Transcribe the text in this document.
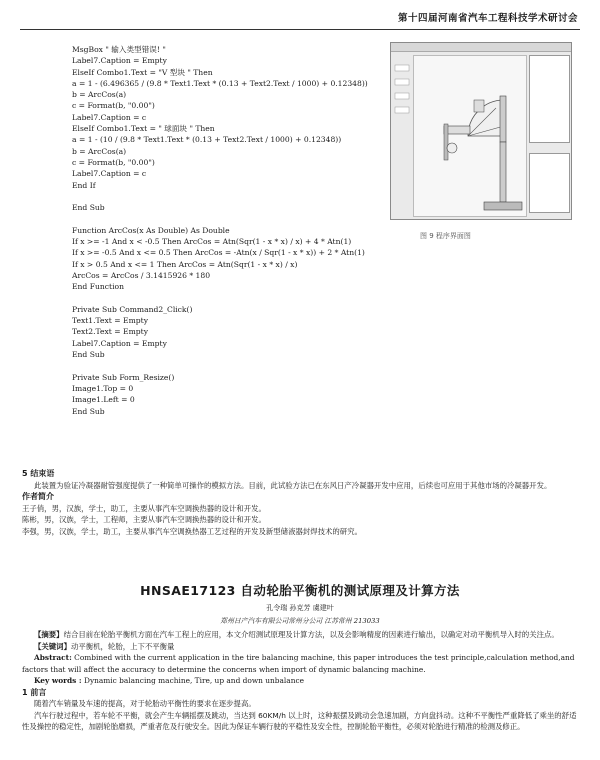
第十四届河南省汽车工程科技学术研讨会
MsgBox " 输入类型错误! "
Label7.Caption = Empty
ElseIf Combo1.Text = "V 型块 " Then
a = 1 - (6.496365 / (9.8 * Text1.Text * (0.13 + Text2.Text / 1000) + 0.12348))
b = ArcCos(a)
c = Format(b, "0.00")
Label7.Caption = c
ElseIf Combo1.Text = " 球面块 " Then
a = 1 - (10 / (9.8 * Text1.Text * (0.13 + Text2.Text / 1000) + 0.12348))
b = ArcCos(a)
c = Format(b, "0.00")
Label7.Caption = c
End If
End Sub
Function ArcCos(x As Double) As Double
If x >= -1 And x < -0.5 Then ArcCos = Atn(Sqr(1 - x * x) / x) + 4 * Atn(1)
If x >= -0.5 And x <= 0.5 Then ArcCos = -Atn(x / Sqr(1 - x * x)) + 2 * Atn(1)
If x > 0.5 And x <= 1 Then ArcCos = Atn(Sqr(1 - x * x) / x)
ArcCos = ArcCos / 3.1415926 * 180
End Function
Private Sub Command2_Click()
Text1.Text = Empty
Text2.Text = Empty
Label7.Caption = Empty
End Sub
Private Sub Form_Resize()
Image1.Top = 0
Image1.Left = 0
End Sub
图 9 程序界面图
5 结束语
此装置为验证冷凝器耐管强度提供了一种简单可操作的模拟方法。目前，此试验方法已在东风日产冷凝器开发中应用，后续也可应用于其他市场的冷凝器开发。
作者简介
王子俏，男，汉族，学士，助工，主要从事汽车空调换热器的设计和开发。
陈彬，男，汉族，学士，工程师，主要从事汽车空调换热器的设计和开发。
李强，男，汉族，学士，助工，主要从事汽车空调换热器工艺过程的开发及新型储液器封焊技术的研究。
HNSAE17123 自动轮胎平衡机的测试原理及计算方法
孔令瑞 孙克芳 虞建叶
郑州日产汽车有限公司常州分公司 江苏常州 213033
【摘要】结合目前在轮胎平衡机方面在汽车工程上的应用，本文介绍测试原理及计算方法，以及会影响精度的因素进行输出，以确定对动平衡机导入时的关注点。
【关键词】动平衡机，轮胎，上下不平衡量
Abstract: Combined with the current application in the tire balancing machine, this paper introduces the test principle,calculation method,and factors that will affect the accuracy to determine the concerns when import of dynamic balancing machine.
Key words : Dynamic balancing machine, Tire, up and down unbalance
1 前言
随着汽车销量及车速的提高，对于轮胎动平衡性的要求在逐步提高。
汽车行驶过程中，若车轮不平衡，就会产生车辆摇摆及跳动，当达到 60KM/h 以上时，这种振摆及跳动会急速加剧，方向盘抖动。这种不平衡性严重降低了乘坐的舒适性及操控的稳定性，加剧轮胎磨损，严重者危及行驶安全。因此为保证车辆行驶的平稳性及安全性，控制轮胎平衡性，必须对轮胎进行精准的检测及修正。
